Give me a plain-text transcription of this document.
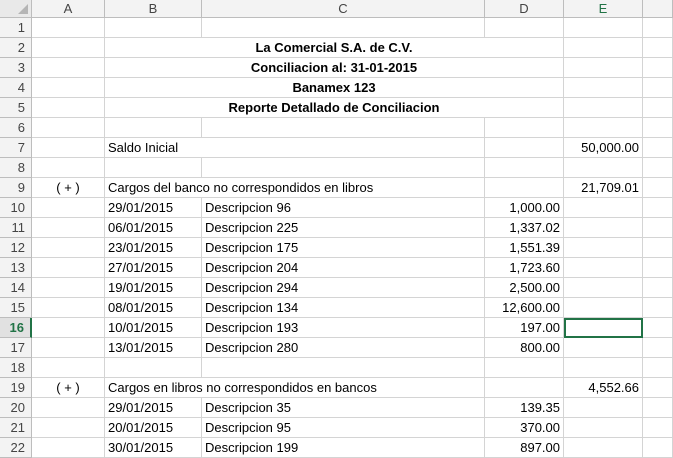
A	B	C	D	E
1
2	La Comercial S.A. de C.V.
3	Conciliacion al: 31-01-2015
4	Banamex 123
5	Reporte Detallado de Conciliacion
6
7	Saldo Inicial	50,000.00
8
9	( + )	Cargos del banco no correspondidos en libros	21,709.01
10	29/01/2015	Descripcion 96	1,000.00
11	06/01/2015	Descripcion 225	1,337.02
12	23/01/2015	Descripcion 175	1,551.39
13	27/01/2015	Descripcion 204	1,723.60
14	19/01/2015	Descripcion 294	2,500.00
15	08/01/2015	Descripcion 134	12,600.00
16	10/01/2015	Descripcion 193	197.00
17	13/01/2015	Descripcion 280	800.00
18
19	( + )	Cargos en libros no correspondidos en bancos	4,552.66
20	29/01/2015	Descripcion 35	139.35
21	20/01/2015	Descripcion 95	370.00
22	30/01/2015	Descripcion 199	897.00
